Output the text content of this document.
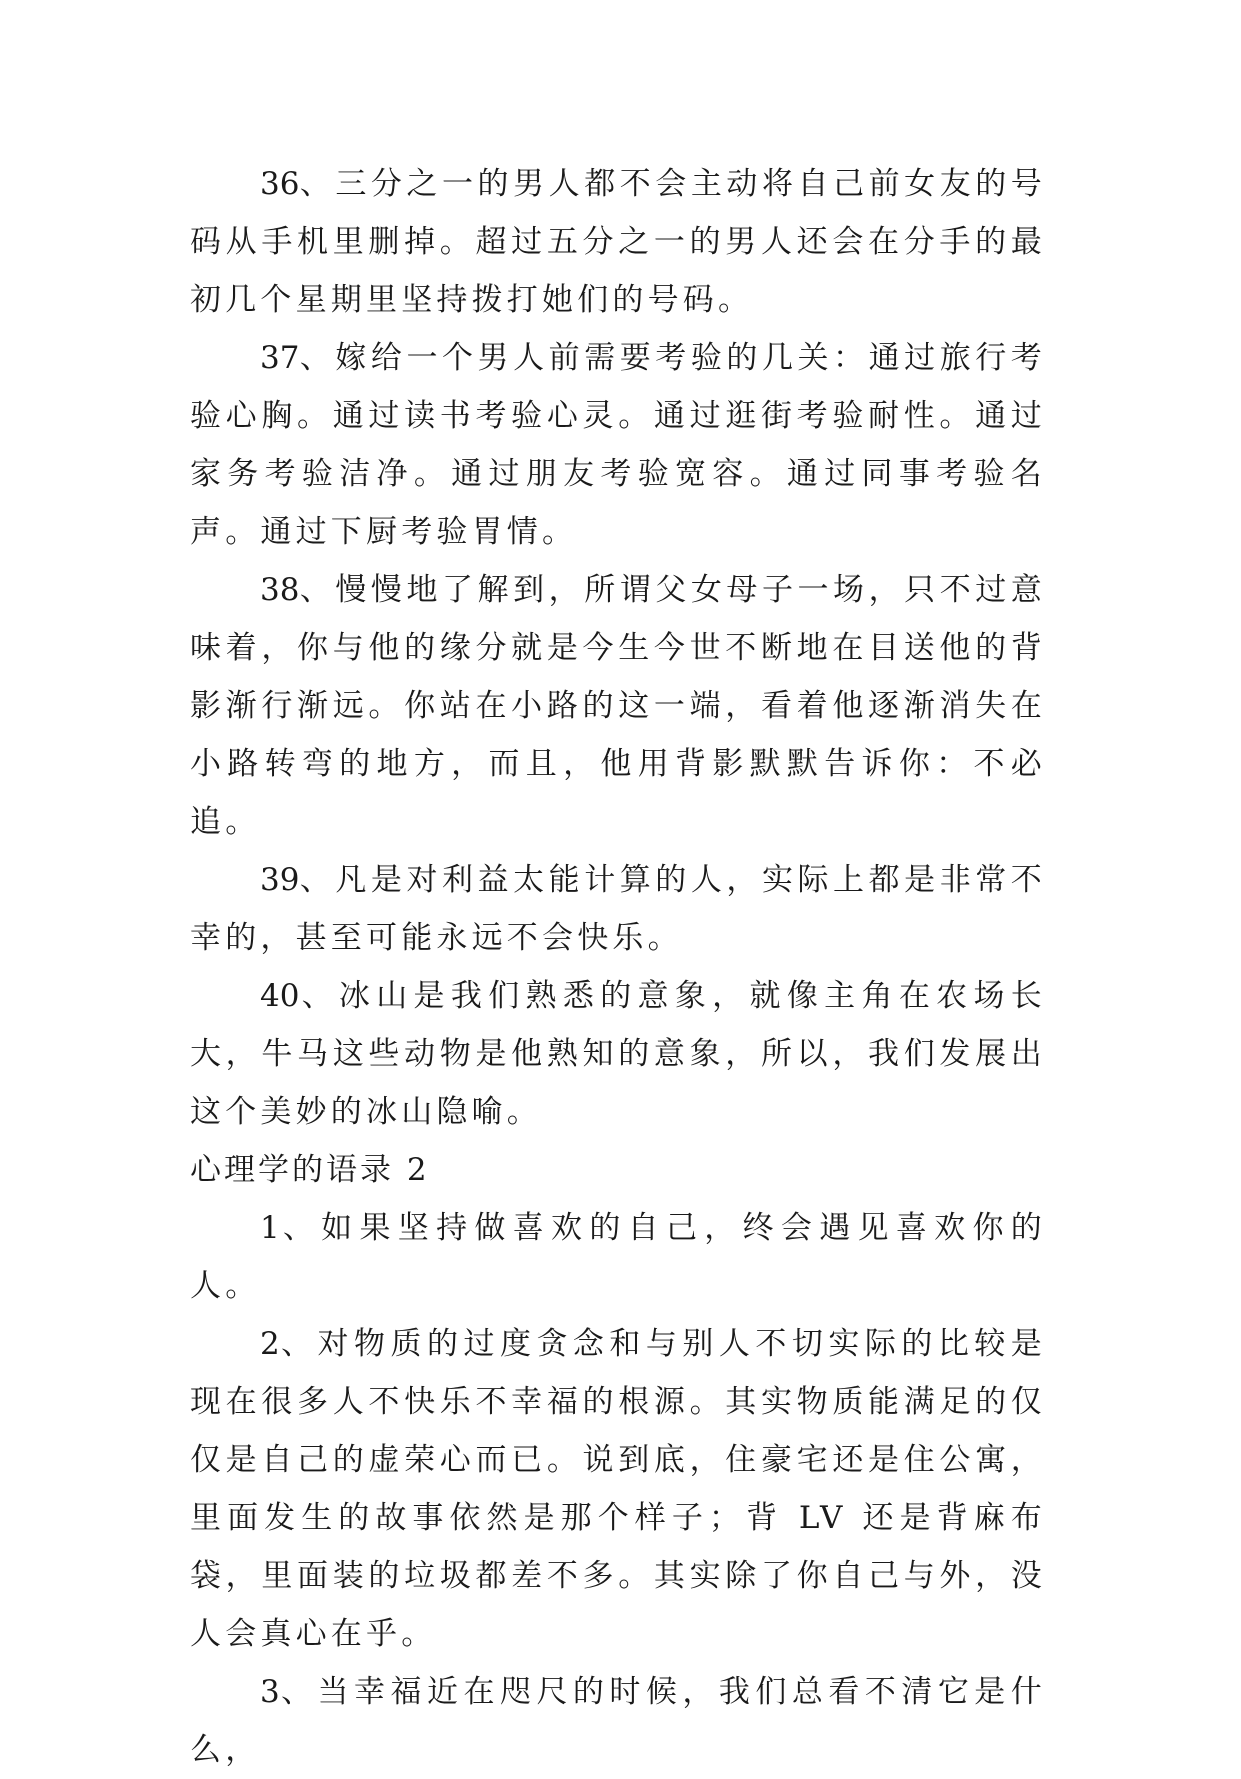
36、三分之一的男人都不会主动将自己前女友的号码从手机里删掉。超过五分之一的男人还会在分手的最初几个星期里坚持拨打她们的号码。

37、嫁给一个男人前需要考验的几关：通过旅行考验心胸。通过读书考验心灵。通过逛街考验耐性。通过家务考验洁净。通过朋友考验宽容。通过同事考验名声。通过下厨考验胃情。

38、慢慢地了解到，所谓父女母子一场，只不过意味着，你与他的缘分就是今生今世不断地在目送他的背影渐行渐远。你站在小路的这一端，看着他逐渐消失在小路转弯的地方，而且，他用背影默默告诉你：不必追。

39、凡是对利益太能计算的人，实际上都是非常不幸的，甚至可能永远不会快乐。

40、冰山是我们熟悉的意象，就像主角在农场长大，牛马这些动物是他熟知的意象，所以，我们发展出这个美妙的冰山隐喻。

心理学的语录 2

1、如果坚持做喜欢的自己，终会遇见喜欢你的人。

2、对物质的过度贪念和与别人不切实际的比较是现在很多人不快乐不幸福的根源。其实物质能满足的仅仅是自己的虚荣心而已。说到底，住豪宅还是住公寓，里面发生的故事依然是那个样子；背 LV 还是背麻布袋，里面装的垃圾都差不多。其实除了你自己与外，没人会真心在乎。

3、当幸福近在咫尺的时候，我们总看不清它是什么，
